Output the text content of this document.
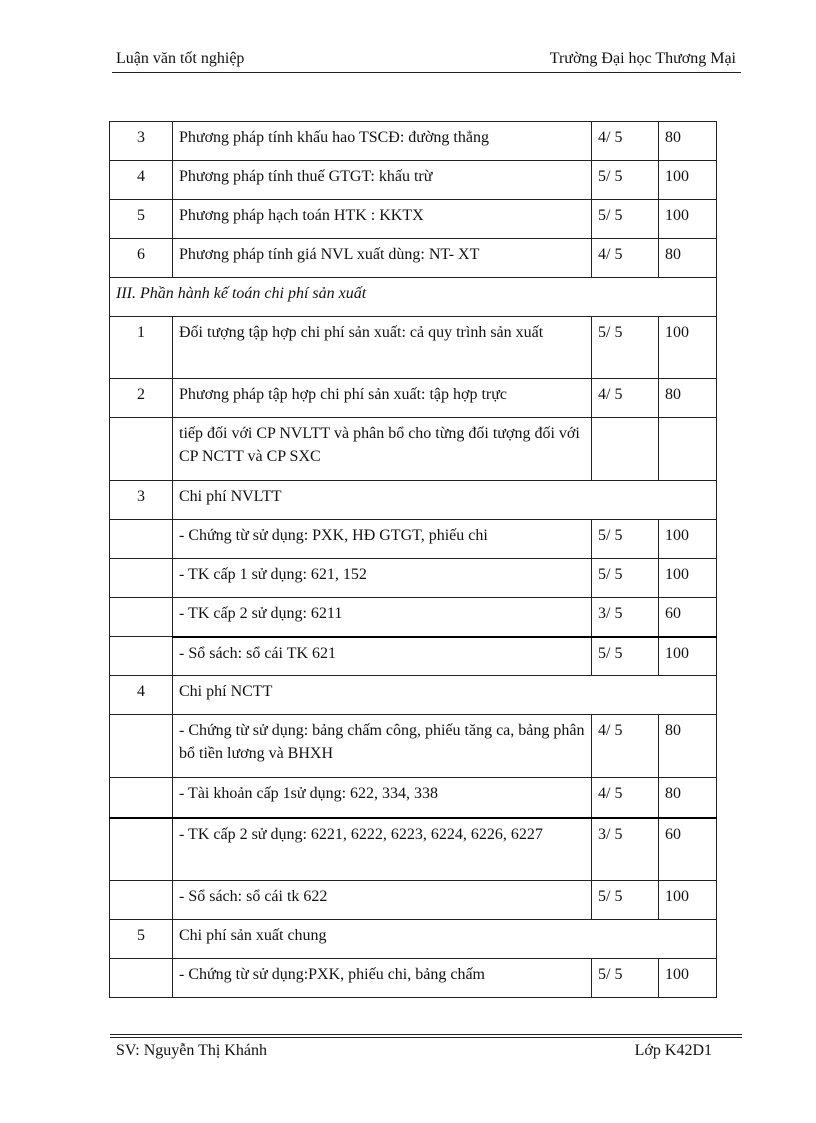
Luận văn tốt nghiệp	Trường Đại học Thương Mại
3	Phương pháp tính khấu hao TSCĐ: đường thẳng	4/ 5	80
4	Phương pháp tính thuế GTGT: khấu trừ	5/ 5	100
5	Phương pháp hạch toán HTK : KKTX	5/ 5	100
6	Phương pháp tính giá NVL xuất dùng: NT- XT	4/ 5	80
III. Phần hành kế toán chi phí sản xuất			
1	Đối tượng tập hợp chi phí sản xuất: cả quy trình sản xuất	5/ 5	100
2	Phương pháp tập hợp chi phí sản xuất: tập hợp trực	4/ 5	80
	tiếp đối với CP NVLTT và phân bổ cho từng đối tượng đối với CP NCTT và CP SXC		
3	Chi phí NVLTT		
	- Chứng từ sử dụng: PXK, HĐ GTGT, phiếu chi	5/ 5	100
	- TK cấp 1 sử dụng: 621, 152	5/ 5	100
	- TK cấp 2 sử dụng: 6211	3/ 5	60
	- Sổ sách: sổ cái TK 621	5/ 5	100
4	Chi phí NCTT		
	- Chứng từ sử dụng: bảng chấm công, phiếu tăng ca, bảng phân bổ tiền lương và BHXH	4/ 5	80
	- Tài khoản cấp 1sử dụng: 622, 334, 338	4/ 5	80
	- TK cấp 2 sử dụng: 6221, 6222, 6223, 6224, 6226, 6227	3/ 5	60
	- Sổ sách: sổ cái tk 622	5/ 5	100
5	Chi phí sản xuất chung		
	- Chứng từ sử dụng:PXK, phiếu chi, bảng chấm	5/ 5	100
SV: Nguyễn Thị Khánh	Lớp K42D1
